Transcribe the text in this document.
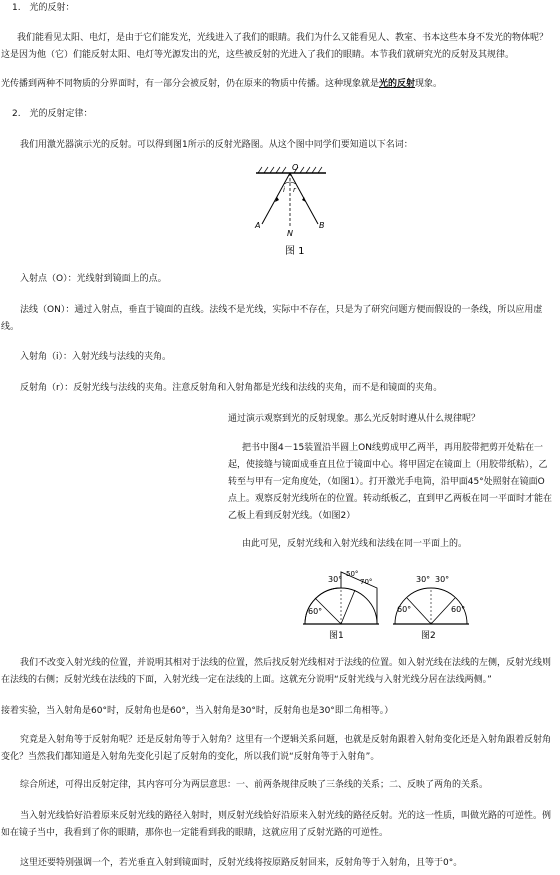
1. 光的反射：
我们能看见太阳、电灯，是由于它们能发光，光线进入了我们的眼睛。我们为什么又能看见人、教室、书本这些本身不发光的物体呢？这是因为他（它）们能反射太阳、电灯等光源发出的光，这些被反射的光进入了我们的眼睛。本节我们就研究光的反射及其规律。
光传播到两种不同物质的分界面时，有一部分会被反射，仍在原来的物质中传播。这种现象就是光的反射现象。
2. 光的反射定律：
我们用激光器演示光的反射。可以得到图1所示的反射光路图。从这个图中同学们要知道以下名词：
O
i r
A
N
B
图 1
入射点（O）：光线射到镜面上的点。
法线（ON）：通过入射点，垂直于镜面的直线。法线不是光线，实际中不存在，只是为了研究问题方便而假设的一条线，所以应用虚线。
入射角（i）：入射光线与法线的夹角。
反射角（r）：反射光线与法线的夹角。注意反射角和入射角都是光线和法线的夹角，而不是和镜面的夹角。
通过演示观察到光的反射现象。那么光反射时遵从什么规律呢？
把书中图4－15装置沿半圆上ON线剪成甲乙两半，再用胶带把剪开处粘在一起，使接缝与镜面成垂直且位于镜面中心。将甲固定在镜面上（用胶带纸粘），乙转至与甲有一定角度处，（如图1）。打开激光手电筒，沿甲面45°处照射在镜面O点上。观察反射光线所在的位置。转动纸板乙，直到甲乙两板在同一平面时才能在乙板上看到反射光线。（如图2）
由此可见，反射光线和入射光线和法线在同一平面上的。
30°
50°
60°
70°
图1
30° 30°
60°	60°
图2
我们不改变入射光线的位置，并说明其相对于法线的位置，然后找反射光线相对于法线的位置。如入射光线在法线的左侧，反射光线则在法线的右侧；反射光线在法线的下面，入射光线一定在法线的上面。这就充分说明“反射光线与入射光线分居在法线两侧。”
接着实验，当入射角是60°时，反射角也是60°，当入射角是30°时，反射角也是30°即二角相等。）
究竟是入射角等于反射角呢？还是反射角等于入射角？这里有一个逻辑关系问题，也就是反射角跟着入射角变化还是入射角跟着反射角变化？当然我们都知道是入射角先变化引起了反射角的变化，所以我们说“反射角等于入射角”。
综合所述，可得出反射定律，其内容可分为两层意思：一、前两条规律反映了三条线的关系；二、反映了两角的关系。
当入射光线恰好沿着原来反射光线的路径入射时，则反射光线恰好沿原来入射光线的路径反射。光的这一性质，叫做光路的可逆性。例如在镜子当中，我看到了你的眼睛，那你也一定能看到我的眼睛，这就应用了反射光路的可逆性。
这里还要特别强调一个，若光垂直入射到镜面时，反射光线将按原路反射回来，反射角等于入射角，且等于0°。
